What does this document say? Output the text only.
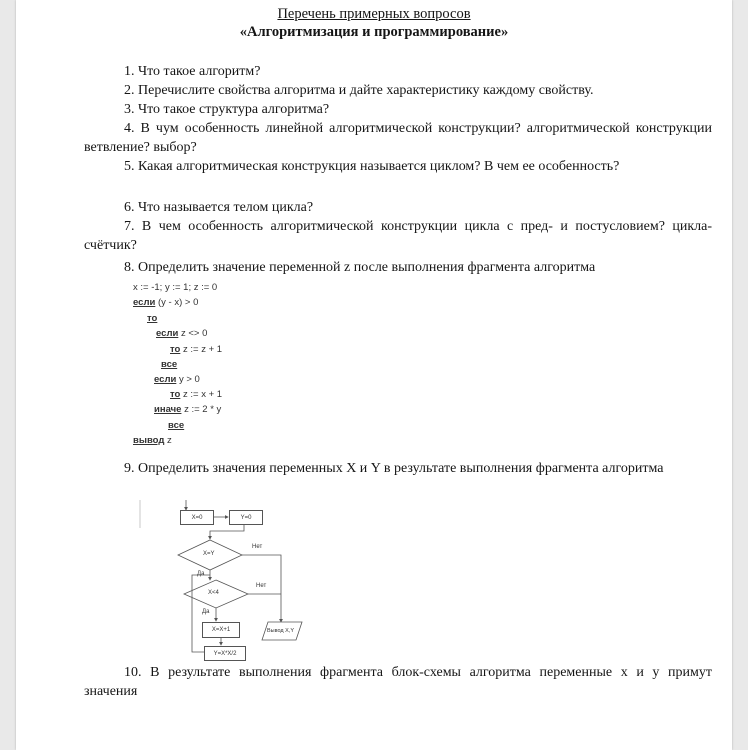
Перечень примерных вопросов
«Алгоритмизация и программирование»
1. Что такое алгоритм?
2. Перечислите свойства алгоритма и дайте характеристику каждому свойству.
3. Что такое структура алгоритма?
4. В чум особенность линейной алгоритмической конструкции? алгоритмической конструкции ветвление? выбор?
5. Какая алгоритмическая конструкция называется циклом? В чем ее особенность?
6. Что называется телом цикла?
7. В чем особенность алгоритмической конструкции цикла с пред- и постусловием? цикла-счётчик?
8. Определить значение переменной z после выполнения фрагмента алгоритма
x := -1; y := 1; z := 0
если (y - x) > 0
то
если z <> 0
то z := z + 1
все
если y > 0
то z := x + 1
иначе z := 2 * y
все
вывод z
9. Определить значения переменных X и Y в результате выполнения фрагмента алгоритма
X=0	Y=0
X=Y
Нет
Да
X<4
Нет
Да
X=X+1
Y=X*X/2
Вывод X,Y
10. В результате выполнения фрагмента блок-схемы алгоритма переменные х и у примут значения
